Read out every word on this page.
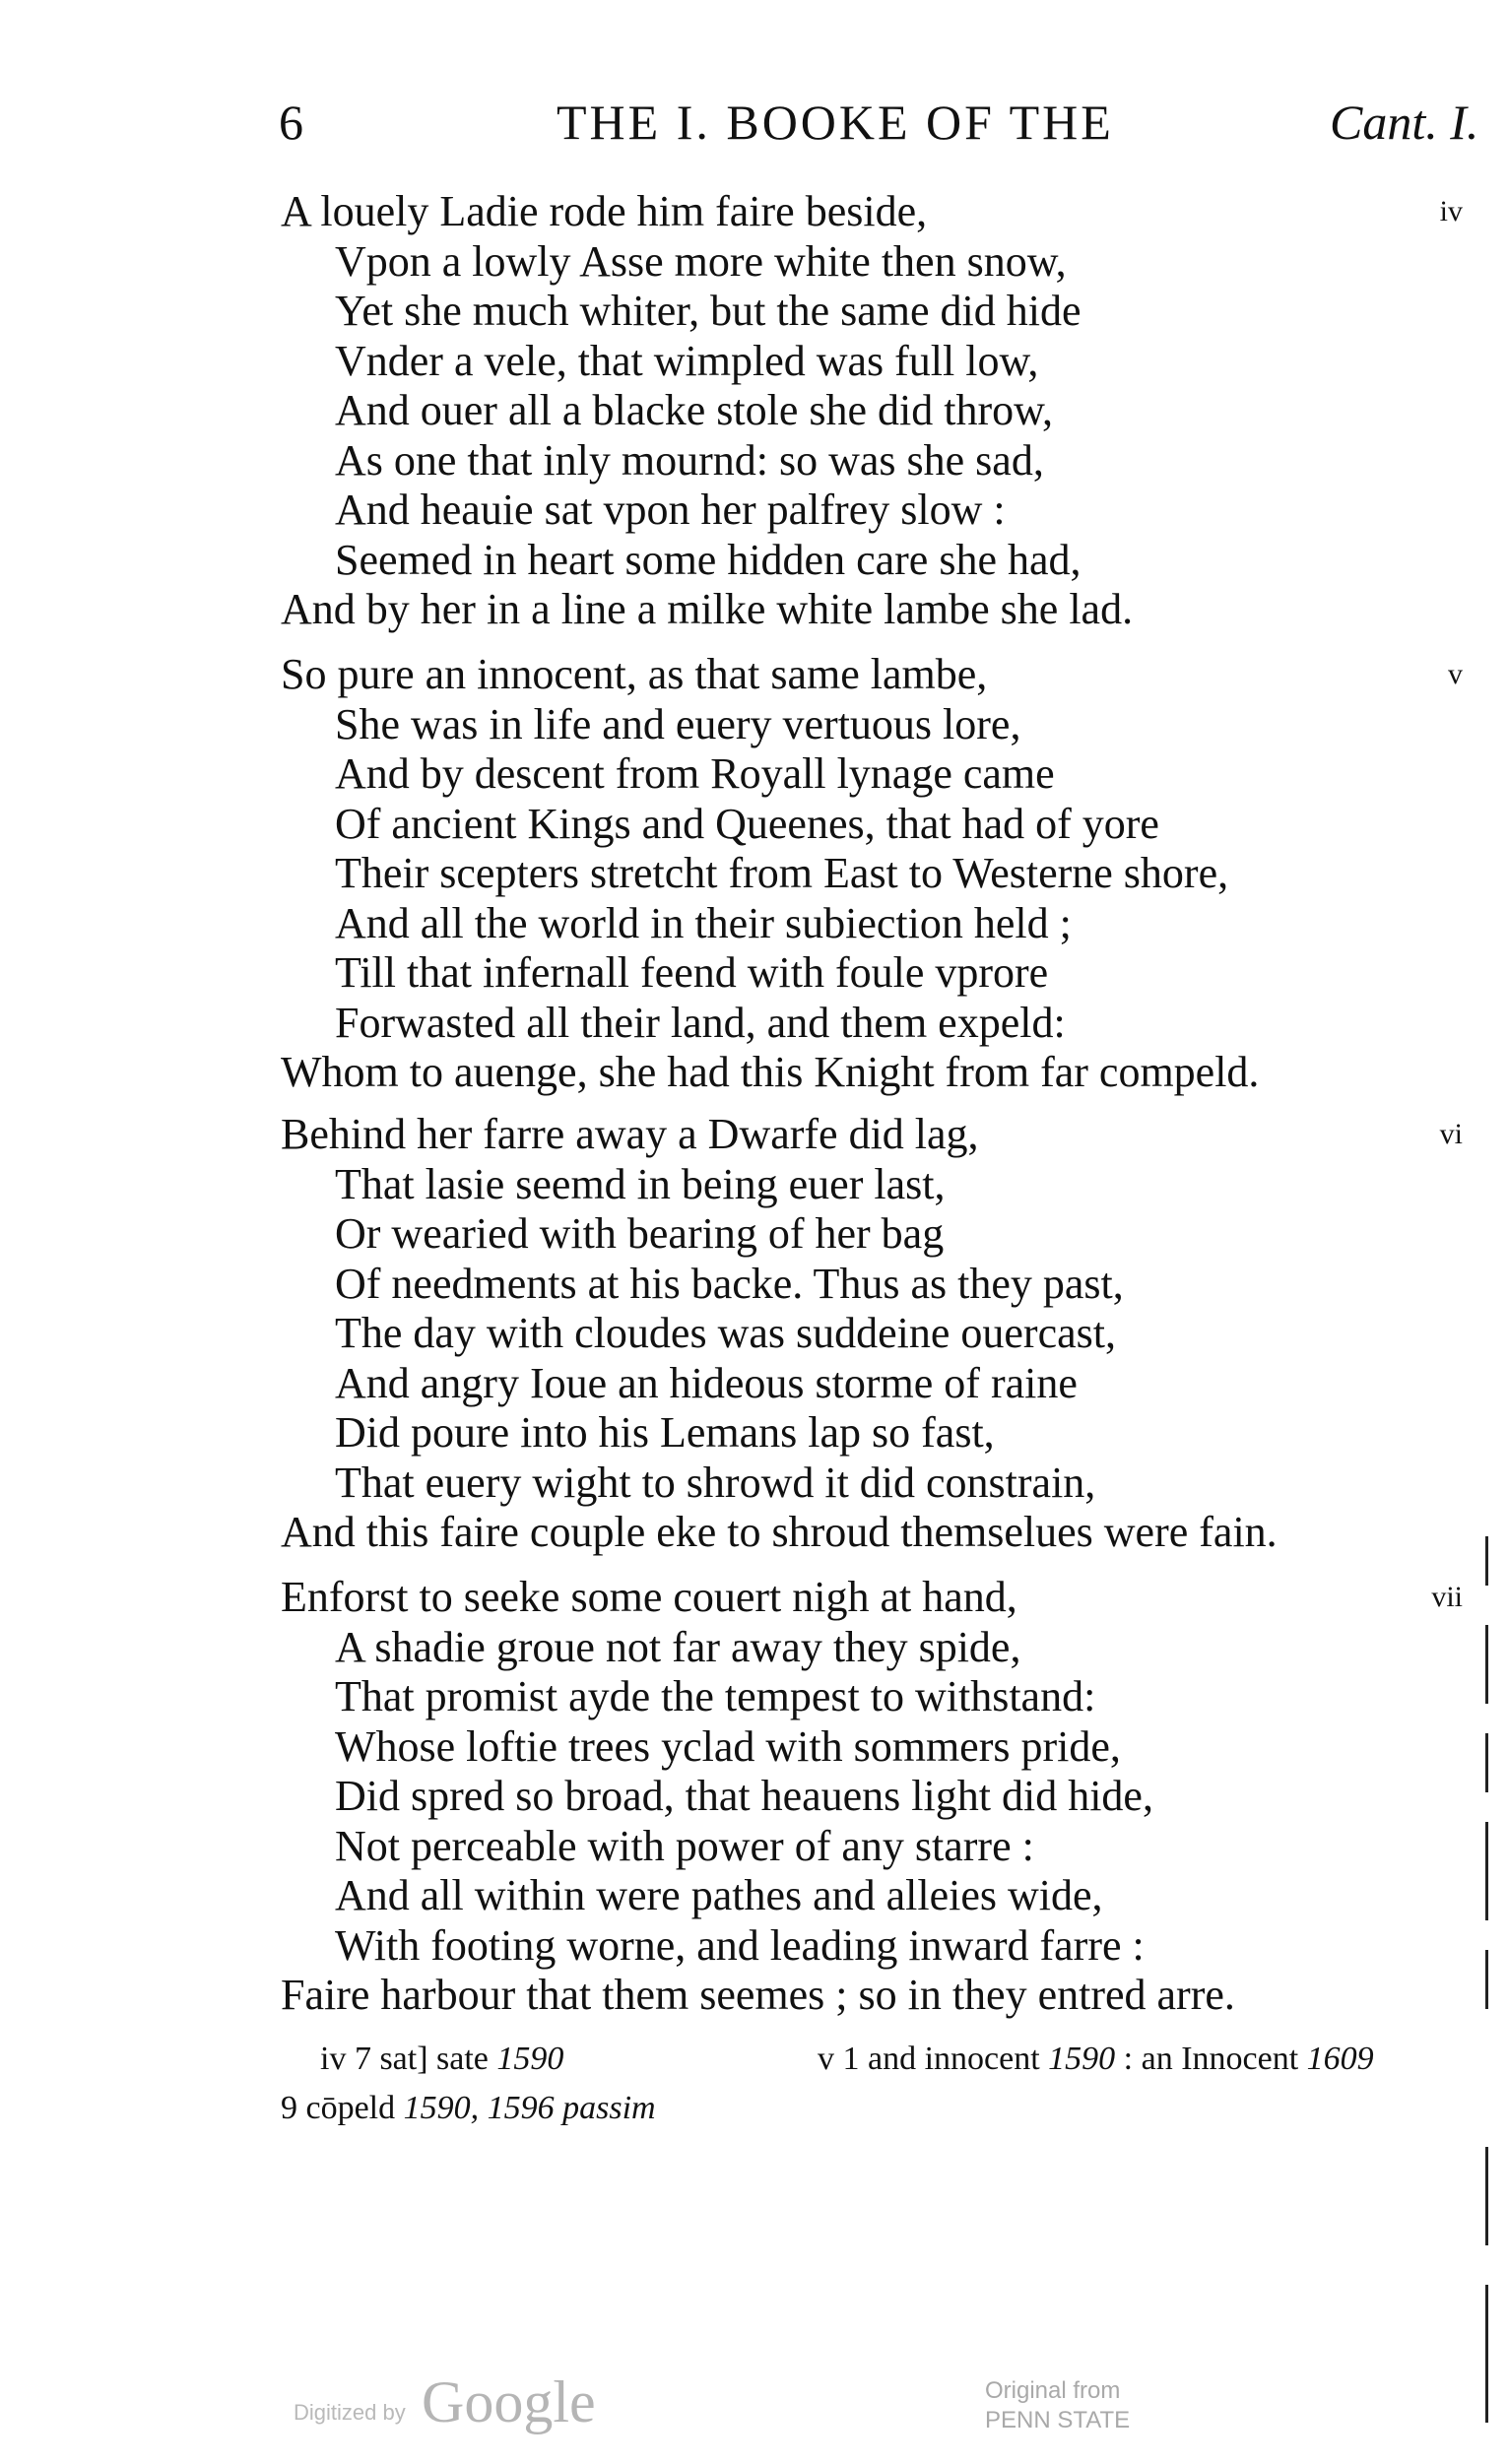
6	THE I. BOOKE OF THE	Cant. I.
iv
A louely Ladie rode him faire beside,
Vpon a lowly Asse more white then snow,
Yet she much whiter, but the same did hide
Vnder a vele, that wimpled was full low,
And ouer all a blacke stole she did throw,
As one that inly mournd: so was she sad,
And heauie sat vpon her palfrey slow :
Seemed in heart some hidden care she had,
And by her in a line a milke white lambe she lad.
v
So pure an innocent, as that same lambe,
She was in life and euery vertuous lore,
And by descent from Royall lynage came
Of ancient Kings and Queenes, that had of yore
Their scepters stretcht from East to Westerne shore,
And all the world in their subiection held ;
Till that infernall feend with foule vprore
Forwasted all their land, and them expeld:
Whom to auenge, she had this Knight from far compeld.
vi
Behind her farre away a Dwarfe did lag,
That lasie seemd in being euer last,
Or wearied with bearing of her bag
Of needments at his backe. Thus as they past,
The day with cloudes was suddeine ouercast,
And angry Ioue an hideous storme of raine
Did poure into his Lemans lap so fast,
That euery wight to shrowd it did constrain,
And this faire couple eke to shroud themselues were fain.
vii
Enforst to seeke some couert nigh at hand,
A shadie groue not far away they spide,
That promist ayde the tempest to withstand:
Whose loftie trees yclad with sommers pride,
Did spred so broad, that heauens light did hide,
Not perceable with power of any starre :
And all within were pathes and alleies wide,
With footing worne, and leading inward farre :
Faire harbour that them seemes ; so in they entred arre.
iv 7 sat] sate 1590	v 1 and innocent 1590 : an Innocent 1609
9 cōpeld 1590, 1596 passim
Digitized by Google	Original from
PENN STATE
